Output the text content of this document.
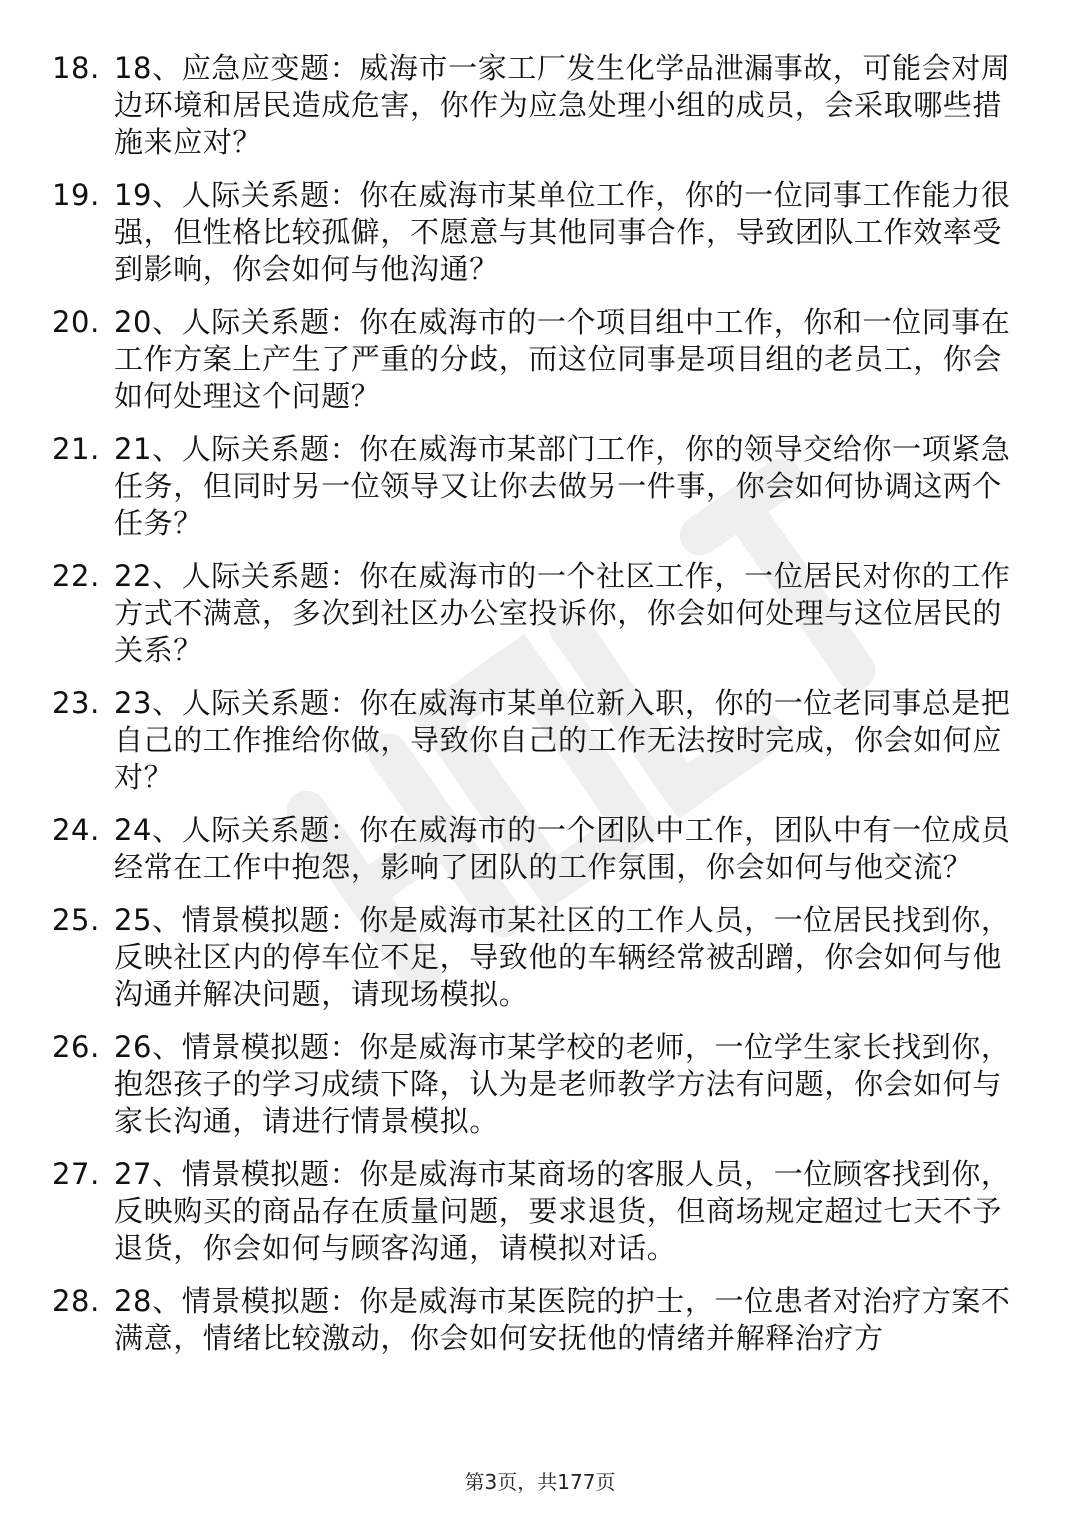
18. 18、应急应变题：威海市一家工厂发生化学品泄漏事故，可能会对周边环境和居民造成危害，你作为应急处理小组的成员，会采取哪些措施来应对？
19. 19、人际关系题：你在威海市某单位工作，你的一位同事工作能力很强，但性格比较孤僻，不愿意与其他同事合作，导致团队工作效率受到影响，你会如何与他沟通？
20. 20、人际关系题：你在威海市的一个项目组中工作，你和一位同事在工作方案上产生了严重的分歧，而这位同事是项目组的老员工，你会如何处理这个问题？
21. 21、人际关系题：你在威海市某部门工作，你的领导交给你一项紧急任务，但同时另一位领导又让你去做另一件事，你会如何协调这两个任务？
22. 22、人际关系题：你在威海市的一个社区工作，一位居民对你的工作方式不满意，多次到社区办公室投诉你，你会如何处理与这位居民的关系？
23. 23、人际关系题：你在威海市某单位新入职，你的一位老同事总是把自己的工作推给你做，导致你自己的工作无法按时完成，你会如何应对？
24. 24、人际关系题：你在威海市的一个团队中工作，团队中有一位成员经常在工作中抱怨，影响了团队的工作氛围，你会如何与他交流？
25. 25、情景模拟题：你是威海市某社区的工作人员，一位居民找到你，反映社区内的停车位不足，导致他的车辆经常被刮蹭，你会如何与他沟通并解决问题，请现场模拟。
26. 26、情景模拟题：你是威海市某学校的老师，一位学生家长找到你，抱怨孩子的学习成绩下降，认为是老师教学方法有问题，你会如何与家长沟通，请进行情景模拟。
27. 27、情景模拟题：你是威海市某商场的客服人员，一位顾客找到你，反映购买的商品存在质量问题，要求退货，但商场规定超过七天不予退货，你会如何与顾客沟通，请模拟对话。
28. 28、情景模拟题：你是威海市某医院的护士，一位患者对治疗方案不满意，情绪比较激动，你会如何安抚他的情绪并解释治疗方
第3页，共177页
